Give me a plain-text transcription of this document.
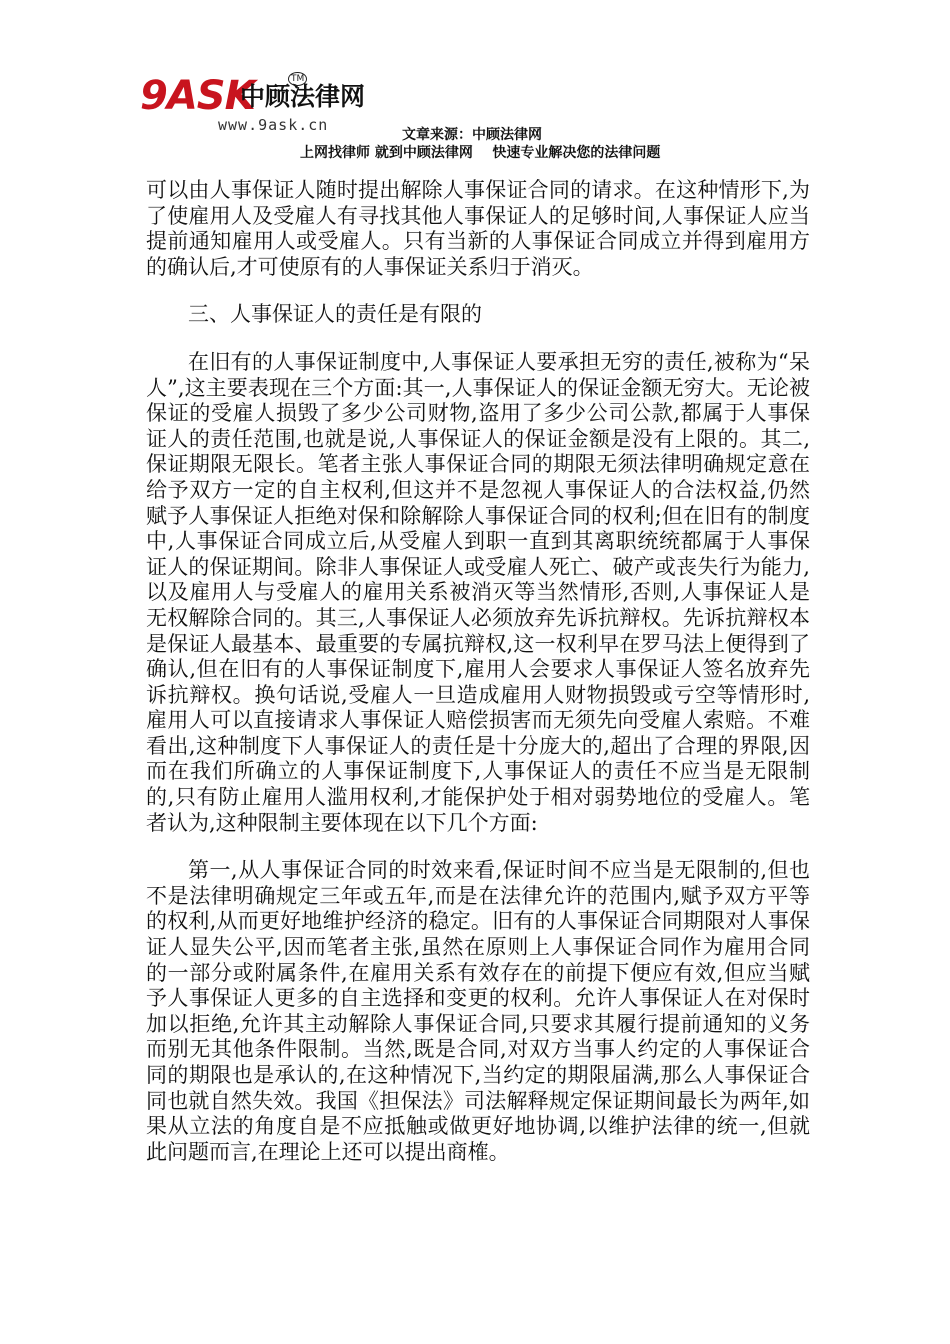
9ASK
中顾法律网
TM
www.9ask.cn
文章来源：中顾法律网
上网找律师 就到中顾法律网    快速专业解决您的法律问题

可以由人事保证人随时提出解除人事保证合同的请求。在这种情形下,为了使雇用人及受雇人有寻找其他人事保证人的足够时间,人事保证人应当提前通知雇用人或受雇人。只有当新的人事保证合同成立并得到雇用方的确认后,才可使原有的人事保证关系归于消灭。

三、人事保证人的责任是有限的

在旧有的人事保证制度中,人事保证人要承担无穷的责任,被称为“呆人”,这主要表现在三个方面:其一,人事保证人的保证金额无穷大。无论被保证的受雇人损毁了多少公司财物,盗用了多少公司公款,都属于人事保证人的责任范围,也就是说,人事保证人的保证金额是没有上限的。其二,保证期限无限长。笔者主张人事保证合同的期限无须法律明确规定意在给予双方一定的自主权利,但这并不是忽视人事保证人的合法权益,仍然赋予人事保证人拒绝对保和除解除人事保证合同的权利;但在旧有的制度中,人事保证合同成立后,从受雇人到职一直到其离职统统都属于人事保证人的保证期间。除非人事保证人或受雇人死亡、破产或丧失行为能力,以及雇用人与受雇人的雇用关系被消灭等当然情形,否则,人事保证人是无权解除合同的。其三,人事保证人必须放弃先诉抗辩权。先诉抗辩权本是保证人最基本、最重要的专属抗辩权,这一权利早在罗马法上便得到了确认,但在旧有的人事保证制度下,雇用人会要求人事保证人签名放弃先诉抗辩权。换句话说,受雇人一旦造成雇用人财物损毁或亏空等情形时,雇用人可以直接请求人事保证人赔偿损害而无须先向受雇人索赔。不难看出,这种制度下人事保证人的责任是十分庞大的,超出了合理的界限,因而在我们所确立的人事保证制度下,人事保证人的责任不应当是无限制的,只有防止雇用人滥用权利,才能保护处于相对弱势地位的受雇人。笔者认为,这种限制主要体现在以下几个方面:

第一,从人事保证合同的时效来看,保证时间不应当是无限制的,但也不是法律明确规定三年或五年,而是在法律允许的范围内,赋予双方平等的权利,从而更好地维护经济的稳定。旧有的人事保证合同期限对人事保证人显失公平,因而笔者主张,虽然在原则上人事保证合同作为雇用合同的一部分或附属条件,在雇用关系有效存在的前提下便应有效,但应当赋予人事保证人更多的自主选择和变更的权利。允许人事保证人在对保时加以拒绝,允许其主动解除人事保证合同,只要求其履行提前通知的义务而别无其他条件限制。当然,既是合同,对双方当事人约定的人事保证合同的期限也是承认的,在这种情况下,当约定的期限届满,那么人事保证合同也就自然失效。我国《担保法》司法解释规定保证期间最长为两年,如果从立法的角度自是不应抵触或做更好地协调,以维护法律的统一,但就此问题而言,在理论上还可以提出商榷。
